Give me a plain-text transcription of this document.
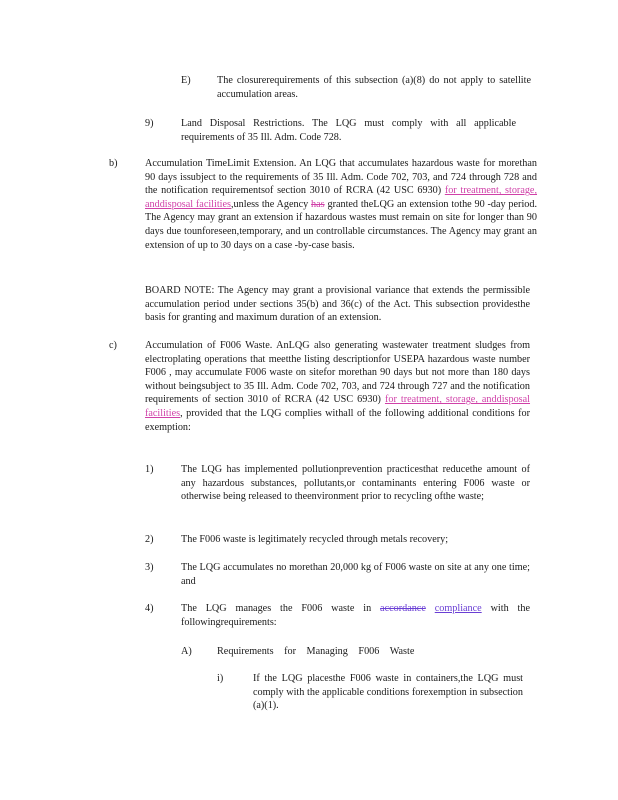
E)	The closurerequirements of this subsection (a)(8) do not apply to satellite accumulation areas.
9)	Land Disposal Restrictions. The LQG must comply with all applicable requirements of 35 Ill. Adm. Code 728.
b)	Accumulation TimeLimit Extension. An LQG that accumulates hazardous waste for morethan 90 days issubject to the requirements of 35 Ill. Adm. Code 702, 703, and 724 through 728 and the notification requirementsof section 3010 of RCRA (42 USC 6930) for treatment, storage, anddisposal facilities,unless the Agency has granted theLQG an extension tothe 90 -day period. The Agency may grant an extension if hazardous wastes must remain on site for longer than 90 days due tounforeseen,temporary, and un controllable circumstances. The Agency may grant an extension of up to 30 days on a case -by-case basis.
BOARD NOTE: The Agency may grant a provisional variance that extends the permissible accumulation period under sections 35(b) and 36(c) of the Act. This subsection providesthe basis for granting and maximum duration of an extension.
c)	Accumulation of F006 Waste. AnLQG also generating wastewater treatment sludges from electroplating operations that meetthe listing descriptionfor USEPA hazardous waste number F006 , may accumulate F006 waste on sitefor morethan 90 days but not more than 180 days without beingsubject to 35 Ill. Adm. Code 702, 703, and 724 through 727 and the notification requirements of section 3010 of RCRA (42 USC 6930) for treatment, storage, anddisposal facilities, provided that the LQG complies withall of the following additional conditions for exemption:
1)	The LQG has implemented pollutionprevention practicesthat reducethe amount of any hazardous substances, pollutants,or contaminants entering F006 waste or otherwise being released to theenvironment prior to recycling ofthe waste;
2)	The F006 waste is legitimately recycled through metals recovery;
3)	The LQG accumulates no morethan 20,000 kg of F006 waste on site at any one time; and
4)	The LQG manages the F006 waste in accordance compliance with the followingrequirements:
A) Requirements for Managing F006 Waste
i)	If the LQG placesthe F006 waste in containers,the LQG must comply with the applicable conditions forexemption in subsection (a)(1).
